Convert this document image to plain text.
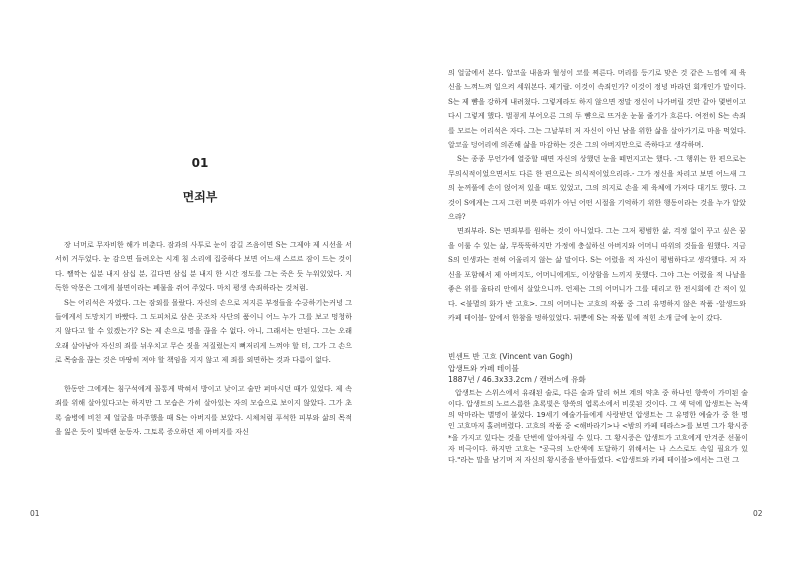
01
면죄부
01

장 너머로 무자비한 해가 비춘다. 잠과의 사투로 눈이 감길 즈음이면 S는 그제야 제 시선을 서서히 거두었다. 눈 감으면 들려오는 시계 침 소리에 집중하다 보면 어느새 스르르 잠이 드는 것이다. 쨀깍는 십분 내지 삼십 분, 길다면 삼십 분 내지 한 시간 정도를 그는 죽은 듯 누워있었다. 지독한 악몽은 그에게 불면이라는 폐물을 쥐여 주었다. 마치 평생 속죄하라는 것처럼.

S는 어리석은 자였다. 그는 잠외를 몰랐다. 자신의 손으로 저지른 부정들을 수긍하기는커녕 그들에게서 도망치기 바빴다. 그 도피처로 삼은 곳조차 사단의 품이니 어느 누가 그를 보고 멍청하지 않다고 할 수 있겠는가? S는 제 손으로 명을 끊을 수 없다. 아니, 그래서는 안된다. 그는 오래오래 살아남아 자신의 죄를 뉘우치고 무슨 짓을 저질렀는지 뼈저리게 느껴야 할 터, 그가 그 손으로 목숨을 끊는 것은 마땅히 져야 할 책임을 지지 않고 제 죄를 외면하는 것과 다름이 없다.

한동안 그에게는 침구석에게 꼴통게 박혀서 방이고 낮이고 술만 퍼마시던 때가 있었다. 제 속죄를 위해 살아있다고는 하지만 그 모습은 가히 살아있는 자의 모습으로 보이지 않았다. 그가 초록 술병에 비친 제 얼굴을 마주했을 때 S는 아버지를 보았다. 시체처럼 푸석한 피부와 삶의 목적을 잃은 듯이 빛바랜 눈동자. 그토록 증오하던 제 아버지를 자신

의 얼굴에서 본다. 알코올 내음과 혈성이 코를 찌른다. 머리를 등기로 맞은 것 같은 느낌에 제 육신을 느껴느껴 일으켜 세워본다. 제기랄. 이것이 속죄인가? 이것이 정녕 바라던 회개인가 말이다. S는 제 뺨을 강하게 내려쳤다. 그렇게라도 하지 않으면 정말 정신이 나가버릴 것만 같아 몇번이고 다시 그렇게 했다. 벌겋게 부어오른 그의 두 뺨으로 뜨거운 눈물 줄기가 흐른다. 여전히 S는 속죄를 모르는 어리석은 자다. 그는 그날부터 저 자신이 아닌 남을 위한 삶을 살아가기로 마음 먹었다. 알코올 덩어리에 의존해 삶을 마감하는 것은 그의 아버지만으로 족하다고 생각하며.

S는 종종 무언가에 열중할 때면 자신의 상했던 눈을 떼먼지고는 했다. -그 행위는 한 편으로는 무의식적이었으면서도 다른 한 편으로는 의식적이었으리라.- 그가 정신을 차리고 보면 어느새 그의 눈꺼풀에 손이 얹어져 있을 때도 있었고, 그의 의지로 손을 제 육체에 가져다 대기도 했다. 그것이 S에게는 그저 그런 버릇 따위가 아닌 어떤 시절을 기억하기 위한 행동이라는 것을 누가 알았으랴?

면죄부라. S는 면죄부를 원하는 것이 아니었다. 그는 그저 평범한 삶, 걱정 없이 꾸고 싶은 꿈을 이룰 수 있는 삶, 무뚝뚝하지만 가정에 충실하신 아버지와 어머니 따위의 것들을 원했다. 지금 S의 인생과는 전혀 어울리지 않는 삶 말이다. S는 어렸을 적 자신이 평범하다고 생각했다. 저 자신을 포함해서 제 아버지도, 어머니에게도, 이상함을 느끼지 못했다. 그야 그는 어렸을 적 나날을 좋은 위를 울타리 안에서 살았으니까. 언제는 그의 어머니가 그를 데리고 한 전시회에 간 적이 있다. <불멸의 화가 반 고흐>. 그의 어머니는 고흐의 작품 중 그리 유명하지 않은 작품 -앞생드와 카페 테이블- 앞에서 한참을 멍하있었다. 뒤뿐에 S는 작품 밑에 적힌 소개 글에 눈이 갔다.

빈센트 반 고흐 (Vincent van Gogh)

압생트와 카페 테이블

1887년 / 46.3x33.2cm / 캔버스에 유화

압생트는 스위스에서 유래된 술로, 다른 술과 달리 허브 계의 약초 중 하나인 향쑥이 가미된 술이다. 압생트의 노르스름한 초록빛은 향쑥의 엽록소에서 비롯된 것이다. 그 색 덕에 압생트는 녹색의 악마라는 별명이 붙었다. 19세기 예술가들에게 사랑받던 압생트는 그 유명한 예술가 중 한 명인 고흐마저 홀려버렸다. 고흐의 작품 중 <해바라기>나 <밤의 카페 테라스>를 보면 그가 황시증*을 가지고 있다는 것을 단번에 알아차릴 수 있다. 그 황시증은 압생트가 고흐에게 안겨준 선물이자 비극이다. 하지만 고흐는 "공극의 노란색에 도달하기 위해서는 나 스스로도 속일 필요가 있다."라는 말을 남기며 저 자신의 황시증을 받아들였다. <압생트와 카페 테이블>에서는 그런 그

02
